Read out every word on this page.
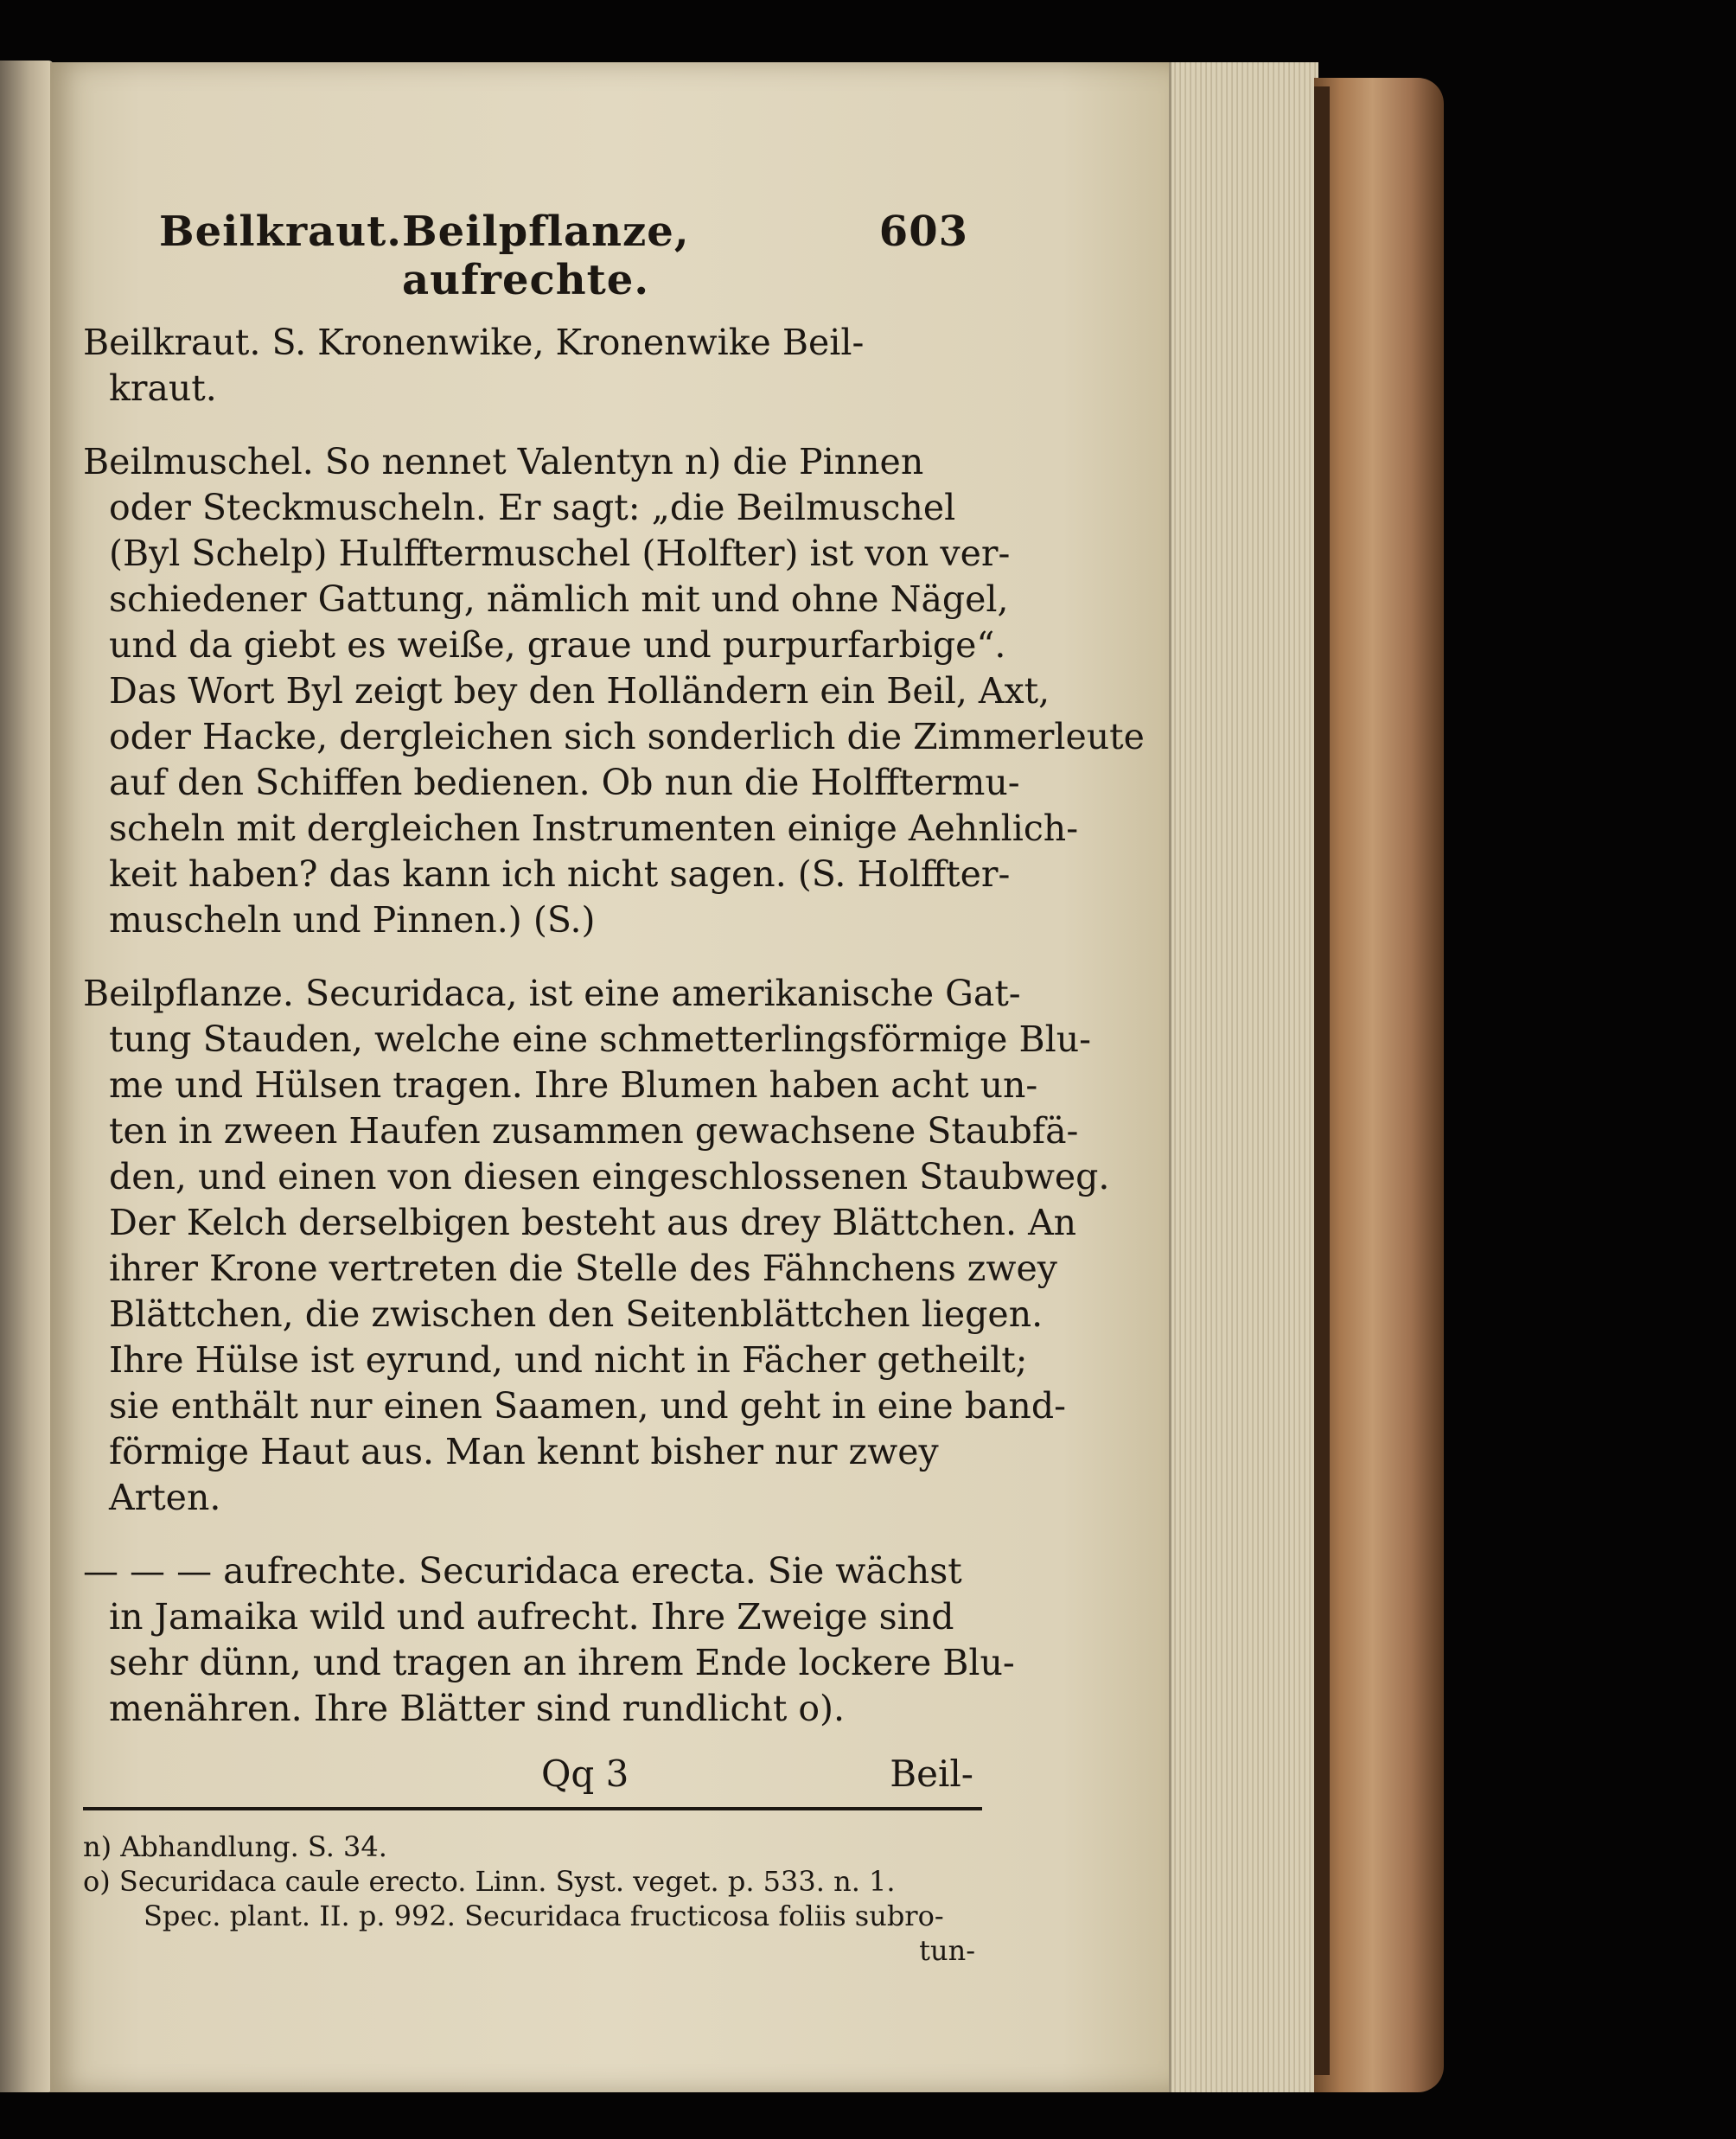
Beilkraut. Beilpflanze, aufrechte.
603
Beilkraut. S. Kronenwike, Kronenwike Beil-
kraut.
Beilmuschel. So nennet Valentyn n) die Pinnen
oder Steckmuscheln. Er sagt: „die Beilmuschel
(Byl Schelp) Hulfftermuschel (Holfter) ist von ver-
schiedener Gattung, nämlich mit und ohne Nägel,
und da giebt es weiße, graue und purpurfarbige“.
Das Wort Byl zeigt bey den Holländern ein Beil, Axt,
oder Hacke, dergleichen sich sonderlich die Zimmerleute
auf den Schiffen bedienen. Ob nun die Holfftermu-
scheln mit dergleichen Instrumenten einige Aehnlich-
keit haben? das kann ich nicht sagen. (S. Holffter-
muscheln und Pinnen.) (S.)
Beilpflanze. Securidaca, ist eine amerikanische Gat-
tung Stauden, welche eine schmetterlingsförmige Blu-
me und Hülsen tragen. Ihre Blumen haben acht un-
ten in zween Haufen zusammen gewachsene Staubfä-
den, und einen von diesen eingeschlossenen Staubweg.
Der Kelch derselbigen besteht aus drey Blättchen. An
ihrer Krone vertreten die Stelle des Fähnchens zwey
Blättchen, die zwischen den Seitenblättchen liegen.
Ihre Hülse ist eyrund, und nicht in Fächer getheilt;
sie enthält nur einen Saamen, und geht in eine band-
förmige Haut aus. Man kennt bisher nur zwey
Arten.
— — — aufrechte. Securidaca erecta. Sie wächst
in Jamaika wild und aufrecht. Ihre Zweige sind
sehr dünn, und tragen an ihrem Ende lockere Blu-
menähren. Ihre Blätter sind rundlicht o).
Qq 3	Beil-
n) Abhandlung. S. 34.
o) Securidaca caule erecto. Linn. Syst. veget. p. 533. n. 1.
Spec. plant. II. p. 992. Securidaca fructicosa foliis subro-
tun-
